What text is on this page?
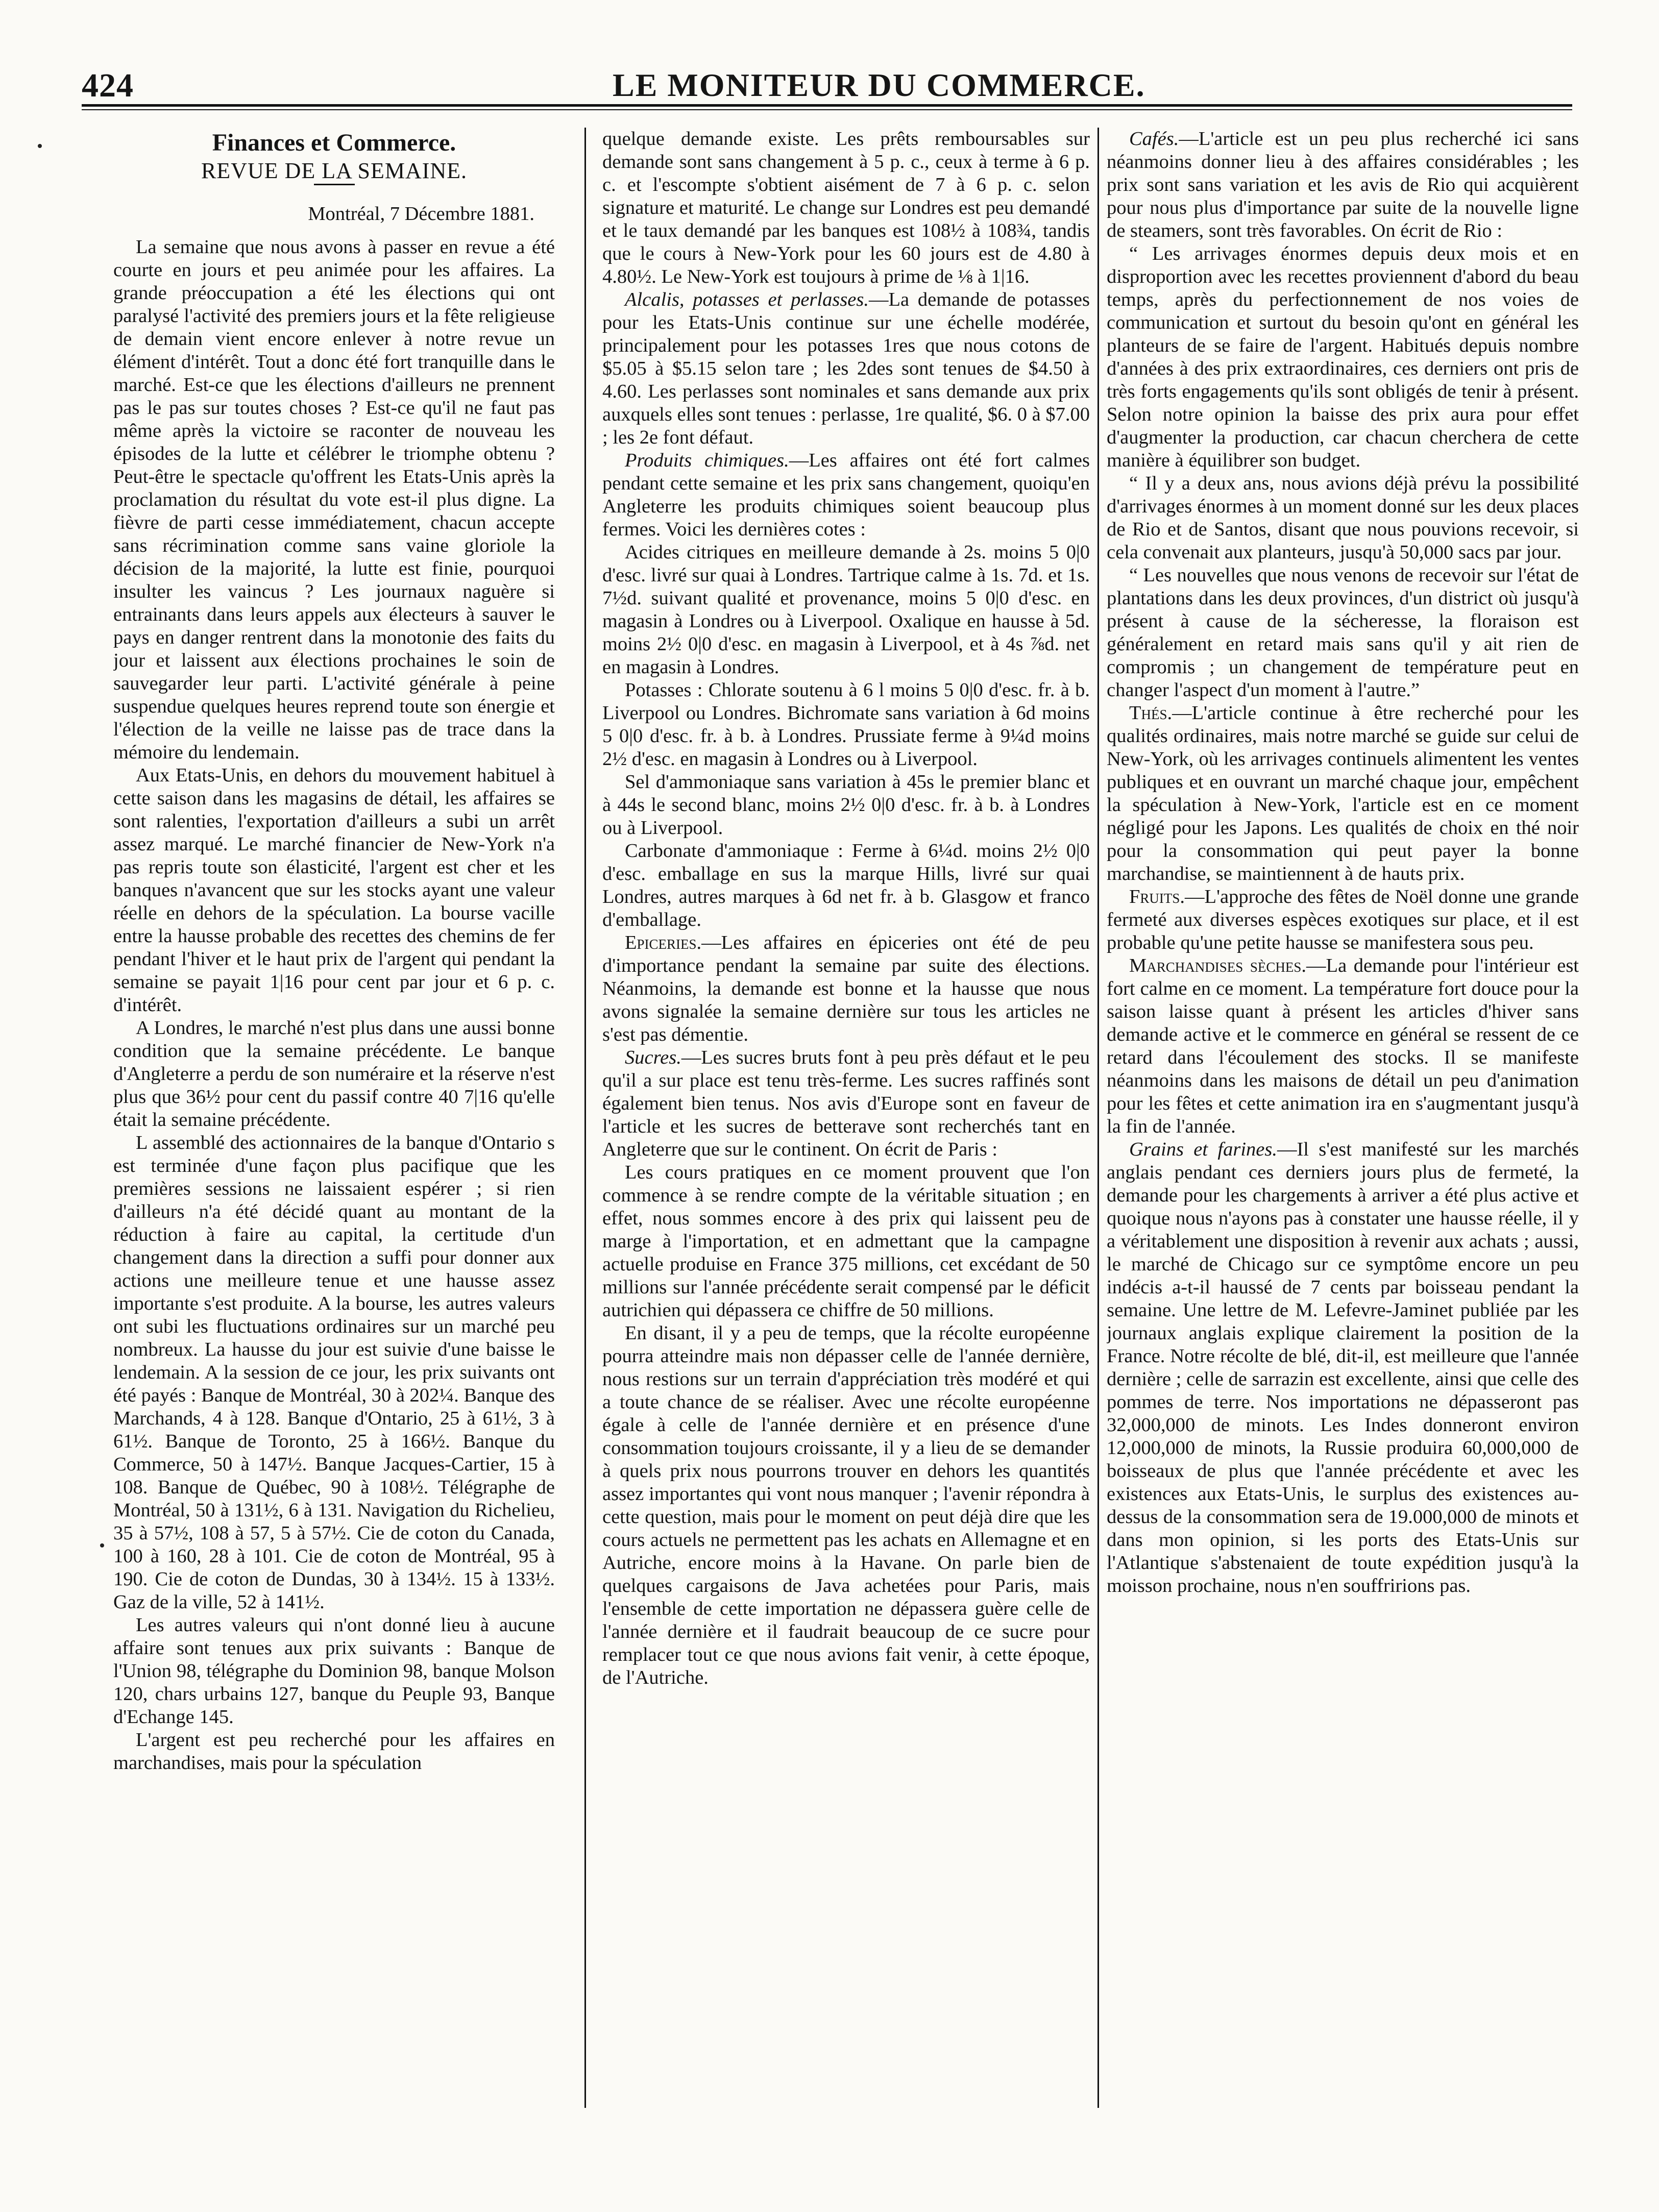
424	LE MONITEUR DU COMMERCE.

Finances et Commerce.

REVUE DE LA SEMAINE.

Montréal, 7 Décembre 1881.

La semaine que nous avons à passer en revue a été courte en jours et peu animée pour les affaires. La grande préoccupation a été les élections qui ont paralysé l'activité des premiers jours et la fête religieuse de demain vient encore enlever à notre revue un élément d'intérêt. Tout a donc été fort tranquille dans le marché. Est-ce que les élections d'ailleurs ne prennent pas le pas sur toutes choses ? Est-ce qu'il ne faut pas même après la victoire se raconter de nouveau les épisodes de la lutte et célébrer le triomphe obtenu ? Peut-être le spectacle qu'offrent les Etats-Unis après la proclamation du résultat du vote est-il plus digne. La fièvre de parti cesse immédiatement, chacun accepte sans récrimination comme sans vaine gloriole la décision de la majorité, la lutte est finie, pourquoi insulter les vaincus ? Les journaux naguère si entrainants dans leurs appels aux électeurs à sauver le pays en danger rentrent dans la monotonie des faits du jour et laissent aux élections prochaines le soin de sauvegarder leur parti. L'activité générale à peine suspendue quelques heures reprend toute son énergie et l'élection de la veille ne laisse pas de trace dans la mémoire du lendemain.

Aux Etats-Unis, en dehors du mouvement habituel à cette saison dans les magasins de détail, les affaires se sont ralenties, l'exportation d'ailleurs a subi un arrêt assez marqué. Le marché financier de New-York n'a pas repris toute son élasticité, l'argent est cher et les banques n'avancent que sur les stocks ayant une valeur réelle en dehors de la spéculation. La bourse vacille entre la hausse probable des recettes des chemins de fer pendant l'hiver et le haut prix de l'argent qui pendant la semaine se payait 1|16 pour cent par jour et 6 p. c. d'intérêt.

A Londres, le marché n'est plus dans une aussi bonne condition que la semaine précédente. Le banque d'Angleterre a perdu de son numéraire et la réserve n'est plus que 36½ pour cent du passif contre 40 7|16 qu'elle était la semaine précédente.

L assemblé des actionnaires de la banque d'Ontario s est terminée d'une façon plus pacifique que les premières sessions ne laissaient espérer ; si rien d'ailleurs n'a été décidé quant au montant de la réduction à faire au capital, la certitude d'un changement dans la direction a suffi pour donner aux actions une meilleure tenue et une hausse assez importante s'est produite. A la bourse, les autres valeurs ont subi les fluctuations ordinaires sur un marché peu nombreux. La hausse du jour est suivie d'une baisse le lendemain. A la session de ce jour, les prix suivants ont été payés : Banque de Montréal, 30 à 202¼. Banque des Marchands, 4 à 128. Banque d'Ontario, 25 à 61½, 3 à 61½. Banque de Toronto, 25 à 166½. Banque du Commerce, 50 à 147½. Banque Jacques-Cartier, 15 à 108. Banque de Québec, 90 à 108½. Télégraphe de Montréal, 50 à 131½, 6 à 131. Navigation du Richelieu, 35 à 57½, 108 à 57, 5 à 57½. Cie de coton du Canada, 100 à 160, 28 à 101. Cie de coton de Montréal, 95 à 190. Cie de coton de Dundas, 30 à 134½. 15 à 133½. Gaz de la ville, 52 à 141½.

Les autres valeurs qui n'ont donné lieu à aucune affaire sont tenues aux prix suivants : Banque de l'Union 98, télégraphe du Dominion 98, banque Molson 120, chars urbains 127, banque du Peuple 93, Banque d'Echange 145.

L'argent est peu recherché pour les affaires en marchandises, mais pour la spéculation

quelque demande existe. Les prêts remboursables sur demande sont sans changement à 5 p. c., ceux à terme à 6 p. c. et l'escompte s'obtient aisément de 7 à 6 p. c. selon signature et maturité. Le change sur Londres est peu demandé et le taux demandé par les banques est 108½ à 108¾, tandis que le cours à New-York pour les 60 jours est de 4.80 à 4.80½. Le New-York est toujours à prime de ⅛ à 1|16.

Alcalis, potasses et perlasses.—La demande de potasses pour les Etats-Unis continue sur une échelle modérée, principalement pour les potasses 1res que nous cotons de $5.05 à $5.15 selon tare ; les 2des sont tenues de $4.50 à 4.60. Les perlasses sont nominales et sans demande aux prix auxquels elles sont tenues : perlasse, 1re qualité, $6. 0 à $7.00 ; les 2e font défaut.

Produits chimiques.—Les affaires ont été fort calmes pendant cette semaine et les prix sans changement, quoiqu'en Angleterre les produits chimiques soient beaucoup plus fermes. Voici les dernières cotes :

Acides citriques en meilleure demande à 2s. moins 5 0|0 d'esc. livré sur quai à Londres. Tartrique calme à 1s. 7d. et 1s. 7½d. suivant qualité et provenance, moins 5 0|0 d'esc. en magasin à Londres ou à Liverpool. Oxalique en hausse à 5d. moins 2½ 0|0 d'esc. en magasin à Liverpool, et à 4s ⅞d. net en magasin à Londres.

Potasses : Chlorate soutenu à 6 l moins 5 0|0 d'esc. fr. à b. Liverpool ou Londres. Bichromate sans variation à 6d moins 5 0|0 d'esc. fr. à b. à Londres. Prussiate ferme à 9¼d moins 2½ d'esc. en magasin à Londres ou à Liverpool.

Sel d'ammoniaque sans variation à 45s le premier blanc et à 44s le second blanc, moins 2½ 0|0 d'esc. fr. à b. à Londres ou à Liverpool.

Carbonate d'ammoniaque : Ferme à 6¼d. moins 2½ 0|0 d'esc. emballage en sus la marque Hills, livré sur quai Londres, autres marques à 6d net fr. à b. Glasgow et franco d'emballage.

Epiceries.—Les affaires en épiceries ont été de peu d'importance pendant la semaine par suite des élections. Néanmoins, la demande est bonne et la hausse que nous avons signalée la semaine dernière sur tous les articles ne s'est pas démentie.

Sucres.—Les sucres bruts font à peu près défaut et le peu qu'il a sur place est tenu très-ferme. Les sucres raffinés sont également bien tenus. Nos avis d'Europe sont en faveur de l'article et les sucres de betterave sont recherchés tant en Angleterre que sur le continent. On écrit de Paris :

Les cours pratiques en ce moment prouvent que l'on commence à se rendre compte de la véritable situation ; en effet, nous sommes encore à des prix qui laissent peu de marge à l'importation, et en admettant que la campagne actuelle produise en France 375 millions, cet excédant de 50 millions sur l'année précédente serait compensé par le déficit autrichien qui dépassera ce chiffre de 50 millions.

En disant, il y a peu de temps, que la récolte européenne pourra atteindre mais non dépasser celle de l'année dernière, nous restions sur un terrain d'appréciation très modéré et qui a toute chance de se réaliser. Avec une récolte européenne égale à celle de l'année dernière et en présence d'une consommation toujours croissante, il y a lieu de se demander à quels prix nous pourrons trouver en dehors les quantités assez importantes qui vont nous manquer ; l'avenir répondra à cette question, mais pour le moment on peut déjà dire que les cours actuels ne permettent pas les achats en Allemagne et en Autriche, encore moins à la Havane. On parle bien de quelques cargaisons de Java achetées pour Paris, mais l'ensemble de cette importation ne dépassera guère celle de l'année dernière et il faudrait beaucoup de ce sucre pour remplacer tout ce que nous avions fait venir, à cette époque, de l'Autriche.

Cafés.—L'article est un peu plus recherché ici sans néanmoins donner lieu à des affaires considérables ; les prix sont sans variation et les avis de Rio qui acquièrent pour nous plus d'importance par suite de la nouvelle ligne de steamers, sont très favorables. On écrit de Rio :

“ Les arrivages énormes depuis deux mois et en disproportion avec les recettes proviennent d'abord du beau temps, après du perfectionnement de nos voies de communication et surtout du besoin qu'ont en général les planteurs de se faire de l'argent. Habitués depuis nombre d'années à des prix extraordinaires, ces derniers ont pris de très forts engagements qu'ils sont obligés de tenir à présent. Selon notre opinion la baisse des prix aura pour effet d'augmenter la production, car chacun cherchera de cette manière à équilibrer son budget.

“ Il y a deux ans, nous avions déjà prévu la possibilité d'arrivages énormes à un moment donné sur les deux places de Rio et de Santos, disant que nous pouvions recevoir, si cela convenait aux planteurs, jusqu'à 50,000 sacs par jour.

“ Les nouvelles que nous venons de recevoir sur l'état de plantations dans les deux provinces, d'un district où jusqu'à présent à cause de la sécheresse, la floraison est généralement en retard mais sans qu'il y ait rien de compromis ; un changement de température peut en changer l'aspect d'un moment à l'autre.”

Thés.—L'article continue à être recherché pour les qualités ordinaires, mais notre marché se guide sur celui de New-York, où les arrivages continuels alimentent les ventes publiques et en ouvrant un marché chaque jour, empêchent la spéculation à New-York, l'article est en ce moment négligé pour les Japons. Les qualités de choix en thé noir pour la consommation qui peut payer la bonne marchandise, se maintiennent à de hauts prix.

Fruits.—L'approche des fêtes de Noël donne une grande fermeté aux diverses espèces exotiques sur place, et il est probable qu'une petite hausse se manifestera sous peu.

Marchandises sèches.—La demande pour l'intérieur est fort calme en ce moment. La température fort douce pour la saison laisse quant à présent les articles d'hiver sans demande active et le commerce en général se ressent de ce retard dans l'écoulement des stocks. Il se manifeste néanmoins dans les maisons de détail un peu d'animation pour les fêtes et cette animation ira en s'augmentant jusqu'à la fin de l'année.

Grains et farines.—Il s'est manifesté sur les marchés anglais pendant ces derniers jours plus de fermeté, la demande pour les chargements à arriver a été plus active et quoique nous n'ayons pas à constater une hausse réelle, il y a véritablement une disposition à revenir aux achats ; aussi, le marché de Chicago sur ce symptôme encore un peu indécis a-t-il haussé de 7 cents par boisseau pendant la semaine. Une lettre de M. Lefevre-Jaminet publiée par les journaux anglais explique clairement la position de la France. Notre récolte de blé, dit-il, est meilleure que l'année dernière ; celle de sarrazin est excellente, ainsi que celle des pommes de terre. Nos importations ne dépasseront pas 32,000,000 de minots. Les Indes donneront environ 12,000,000 de minots, la Russie produira 60,000,000 de boisseaux de plus que l'année précédente et avec les existences aux Etats-Unis, le surplus des existences au-dessus de la consommation sera de 19.000,000 de minots et dans mon opinion, si les ports des Etats-Unis sur l'Atlantique s'abstenaient de toute expédition jusqu'à la moisson prochaine, nous n'en souffririons pas.
